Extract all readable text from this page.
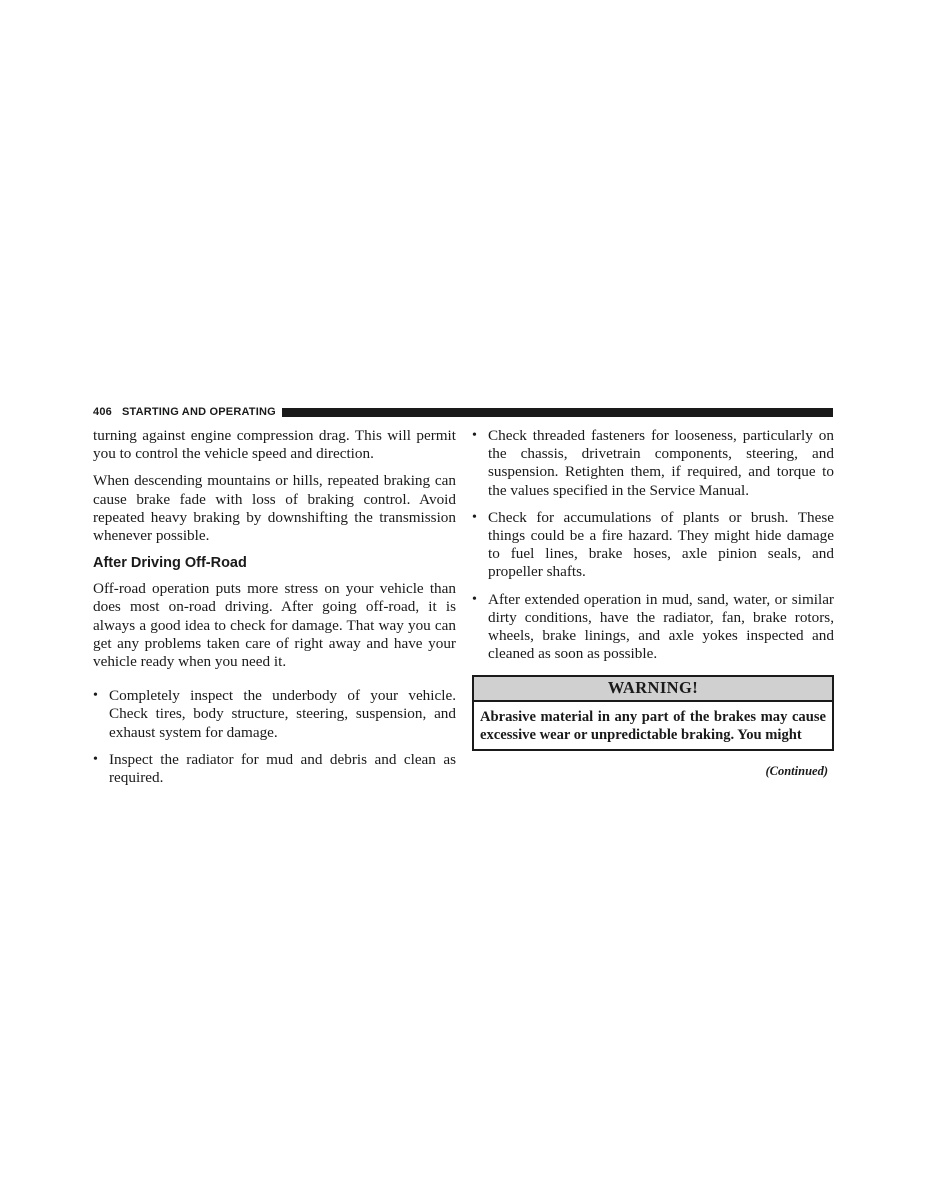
406 STARTING AND OPERATING

turning against engine compression drag. This will permit you to control the vehicle speed and direction.

When descending mountains or hills, repeated braking can cause brake fade with loss of braking control. Avoid repeated heavy braking by downshifting the transmission whenever possible.

After Driving Off-Road

Off-road operation puts more stress on your vehicle than does most on-road driving. After going off-road, it is always a good idea to check for damage. That way you can get any problems taken care of right away and have your vehicle ready when you need it.

• Completely inspect the underbody of your vehicle. Check tires, body structure, steering, suspension, and exhaust system for damage.
• Inspect the radiator for mud and debris and clean as required.
• Check threaded fasteners for looseness, particularly on the chassis, drivetrain components, steering, and suspension. Retighten them, if required, and torque to the values specified in the Service Manual.
• Check for accumulations of plants or brush. These things could be a fire hazard. They might hide damage to fuel lines, brake hoses, axle pinion seals, and propeller shafts.
• After extended operation in mud, sand, water, or similar dirty conditions, have the radiator, fan, brake rotors, wheels, brake linings, and axle yokes inspected and cleaned as soon as possible.
WARNING!
Abrasive material in any part of the brakes may cause excessive wear or unpredictable braking. You might
(Continued)
